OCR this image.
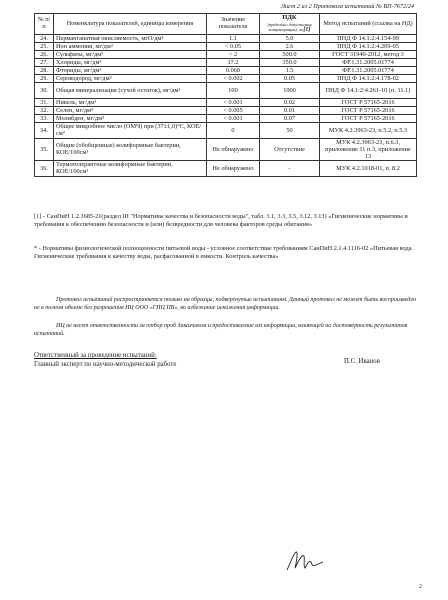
Лист 2 из 2 Протокола испытаний № ВП-7672/24
№ п/п	Номенклатура показателей, единицы измерения	Значение показателя	ПДК
(предельно допустимая концентрация), по[1]	Метод испытаний (ссылка на НД)
24.	Перманганатная окисляемость, мгО/дм³	1.1	5.0	ПНД Ф 14.1:2:4.154-99
25.	Ион аммония, мг/дм³	< 0.05	2.6	ПНД Ф 14.1:2:4.209-05
26.	Сульфаты, мг/дм³	< 2	500.0	ГОСТ 31940-2012, метод 3
27.	Хлориды, мг/дм³	17.2	350.0	ФР.1.31.2005.01774
28.	Фториды, мг/дм³	0.060	1.5	ФР.1.31.2005.01774
29.	Сероводород, мг/дм³	< 0.002	0.05	ПНД Ф 14.1:2:4.178-02
30.	Общая минерализация (сухой остаток), мг/дм³	100	1000	ПНД Ф 14.1:2:4.261-10 (п. 11.1)
31.	Никель, мг/дм³	< 0.001	0.02	ГОСТ Р 57165-2016
32.	Селен, мг/дм³	< 0.005	0.01	ГОСТ Р 57165-2016
33.	Молибден, мг/дм³	< 0.001	0.07	ГОСТ Р 57165-2016
34.	Общее микробное число (ОМЧ) при (37±1,0)°С, КОЕ/см³	0	50	МУК 4.2.3963-23, п.5.2, п.5.3
35.	Общие (обобщенные) колиформные бактерии, КОЕ/100см³	Не обнаружено	Отсутствие	МУК 4.2.3963-23, п.6.3, приложение 11 п.3, приложение 13
36.	Термотолерантные колиформные бактерии, КОЕ/100см³	Не обнаружено	-	МУК 4.2.1018-01, п. 8.2
[1] - СанПиН 1.2.3685-21(раздел III "Нормативы качества и безопасности воды", табл. 3.1, 3.3, 3.5, 3.12, 3.13) «Гигиенические нормативы и требования к обеспечению безопасности и (или) безвредности для человека факторов среды обитания»
* - Нормативы физиологической полноценности питьевой воды - условное соответствие требованиям СанПиН 2.1.4.1116-02 «Питьевая вода. Гигиенические требования к качеству воды, расфасованной в емкости. Контроль качества»
Протокол испытаний распространяется только на образцы, подвергнутые испытаниям. Данный протокол не может быть воспроизведен не в полном объеме без разрешения ИЦ ООО «ГИЦ ПВ», во избежание искажения информации.
ИЦ не несет ответственности за отбор проб Заказчиком и предоставление им информации, влияющей на достоверность результатов испытаний.
Ответственный за проведение испытаний:
Главный эксперт по научно-методической работе	П.С. Иванов
2
